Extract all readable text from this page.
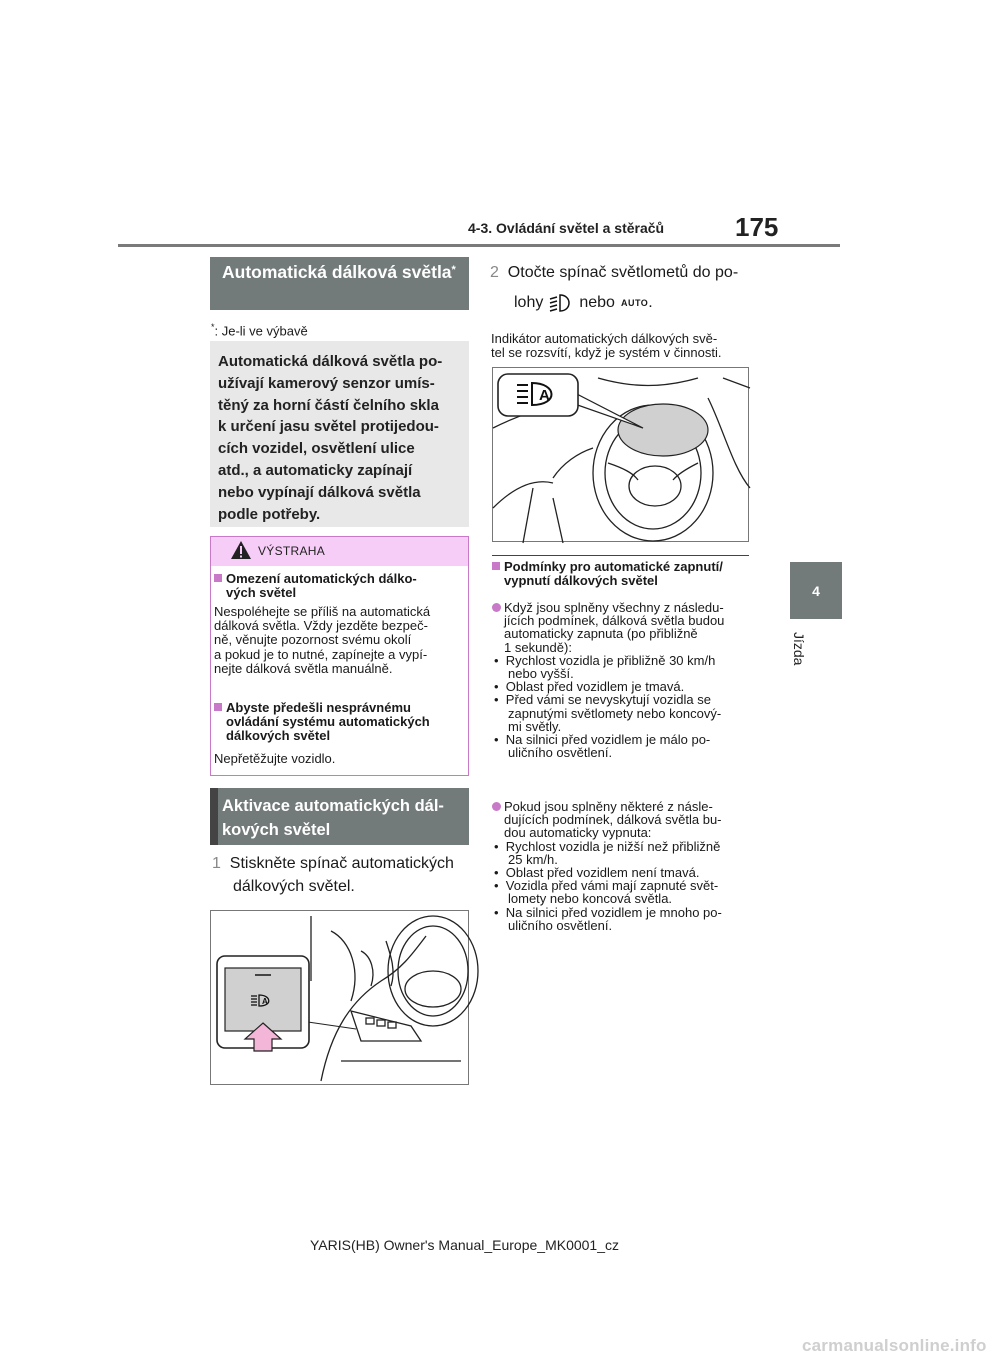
4-3. Ovládání světel a stěračů	175
4
Jízda
Automatická dálková světla*
*: Je-li ve výbavě
Automatická dálková světla po-
užívají kamerový senzor umís-
těný za horní částí čelního skla
k určení jasu světel protijedou-
cích vozidel, osvětlení ulice
atd., a automaticky zapínají
nebo vypínají dálková světla
podle potřeby.
VÝSTRAHA
Omezení automatických dálko-
vých světel
Nespoléhejte se příliš na automatická
dálková světla. Vždy jezděte bezpeč-
ně, věnujte pozornost svému okolí
a pokud je to nutné, zapínejte a vypí-
nejte dálková světla manuálně.
Abyste předešli nesprávnému
ovládání systému automatických
dálkových světel
Nepřetěžujte vozidlo.
Aktivace automatických dál-
kových světel
1 Stiskněte spínač automatických
dálkových světel.
A
2 Otočte spínač světlometů do po-
lohy nebo AUTO .
Indikátor automatických dálkových svě-
tel se rozsvítí, když je systém v činnosti.
A
Podmínky pro automatické zapnutí/
vypnutí dálkových světel
Když jsou splněny všechny z následu-
jících podmínek, dálková světla budou
automaticky zapnuta (po přibližně
1 sekundě):
•  Rychlost vozidla je přibližně 30 km/h
nebo vyšší.
•  Oblast před vozidlem je tmavá.
•  Před vámi se nevyskytují vozidla se
zapnutými světlomety nebo koncový-
mi světly.
•  Na silnici před vozidlem je málo po-
uličního osvětlení.
Pokud jsou splněny některé z násle-
dujících podmínek, dálková světla bu-
dou automaticky vypnuta:
•  Rychlost vozidla je nižší než přibližně
25 km/h.
•  Oblast před vozidlem není tmavá.
•  Vozidla před vámi mají zapnuté svět-
lomety nebo koncová světla.
•  Na silnici před vozidlem je mnoho po-
uličního osvětlení.
YARIS(HB) Owner's Manual_Europe_MK0001_cz
carmanualsonline.info
